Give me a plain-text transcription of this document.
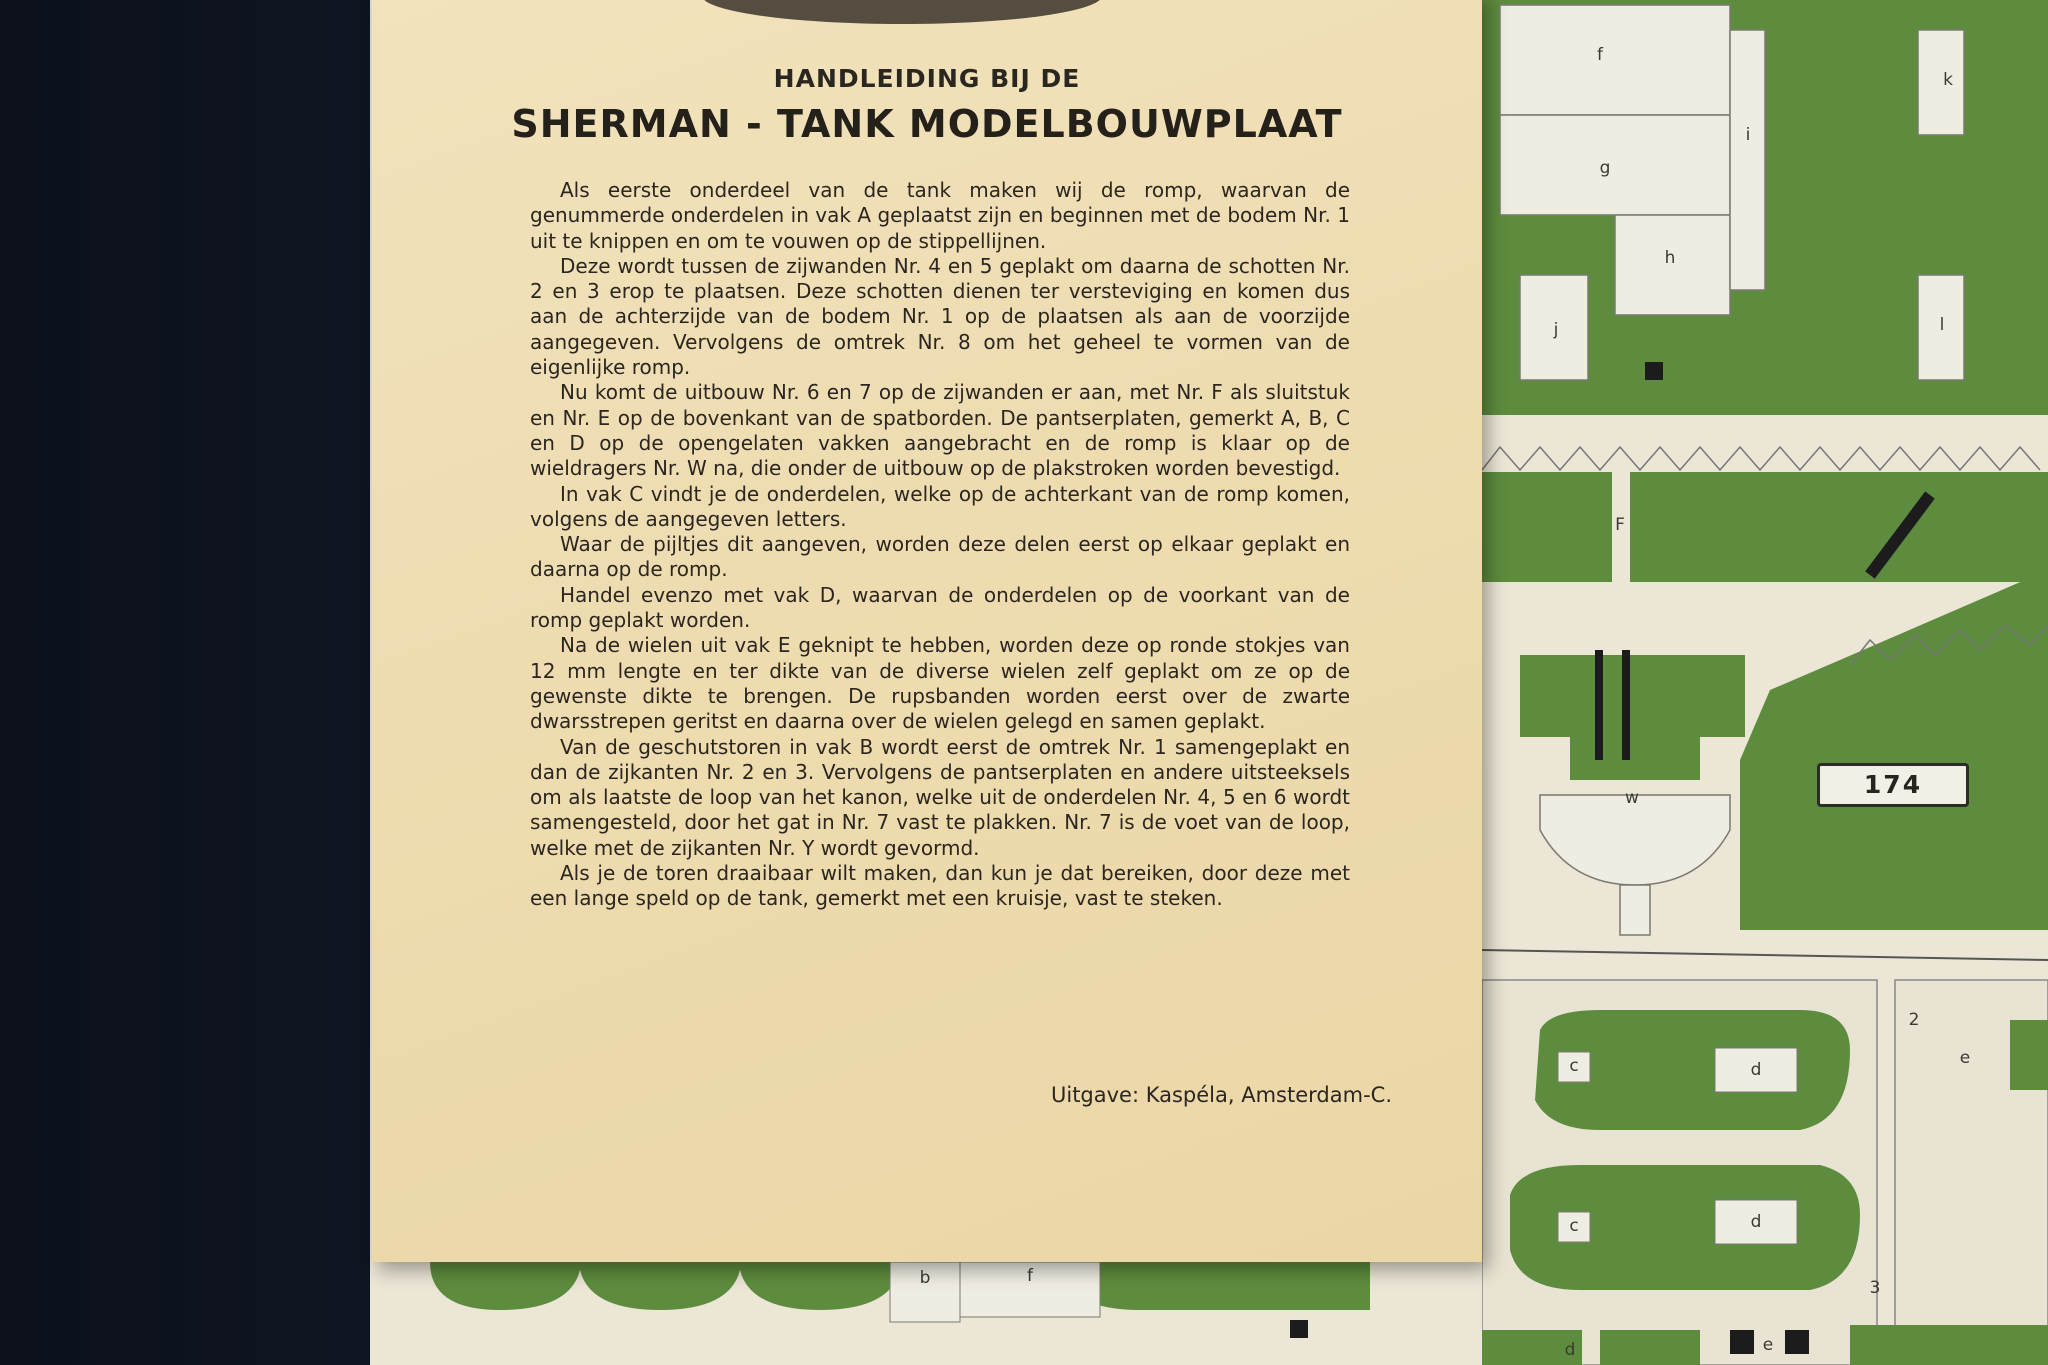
f
k
i
g
h
j	l
F
w
2
c	d
e
c	d
3
b	f
d	e
174
HANDLEIDING BIJ DE
SHERMAN - TANK MODELBOUWPLAAT

Als eerste onderdeel van de tank maken wij de romp, waarvan de genummerde onderdelen in vak A geplaatst zijn en beginnen met de bodem Nr. 1 uit te knippen en om te vouwen op de stippellijnen.

Deze wordt tussen de zijwanden Nr. 4 en 5 geplakt om daarna de schotten Nr. 2 en 3 erop te plaatsen. Deze schotten dienen ter versteviging en komen dus aan de achterzijde van de bodem Nr. 1 op de plaatsen als aan de voorzijde aangegeven. Vervolgens de omtrek Nr. 8 om het geheel te vormen van de eigenlijke romp.

Nu komt de uitbouw Nr. 6 en 7 op de zijwanden er aan, met Nr. F als sluitstuk en Nr. E op de bovenkant van de spatborden. De pantserplaten, gemerkt A, B, C en D op de opengelaten vakken aangebracht en de romp is klaar op de wieldragers Nr. W na, die onder de uitbouw op de plakstroken worden bevestigd.

In vak C vindt je de onderdelen, welke op de achterkant van de romp komen, volgens de aangegeven letters.

Waar de pijltjes dit aangeven, worden deze delen eerst op elkaar geplakt en daarna op de romp.

Handel evenzo met vak D, waarvan de onderdelen op de voorkant van de romp geplakt worden.

Na de wielen uit vak E geknipt te hebben, worden deze op ronde stokjes van 12 mm lengte en ter dikte van de diverse wielen zelf geplakt om ze op de gewenste dikte te brengen. De rupsbanden worden eerst over de zwarte dwarsstrepen geritst en daarna over de wielen gelegd en samen geplakt.

Van de geschutstoren in vak B wordt eerst de omtrek Nr. 1 samengeplakt en dan de zijkanten Nr. 2 en 3. Vervolgens de pantserplaten en andere uitsteeksels om als laatste de loop van het kanon, welke uit de onderdelen Nr. 4, 5 en 6 wordt samengesteld, door het gat in Nr. 7 vast te plakken. Nr. 7 is de voet van de loop, welke met de zijkanten Nr. Y wordt gevormd.

Als je de toren draaibaar wilt maken, dan kun je dat bereiken, door deze met een lange speld op de tank, gemerkt met een kruisje, vast te steken.

Uitgave: Kaspéla, Amsterdam-C.
